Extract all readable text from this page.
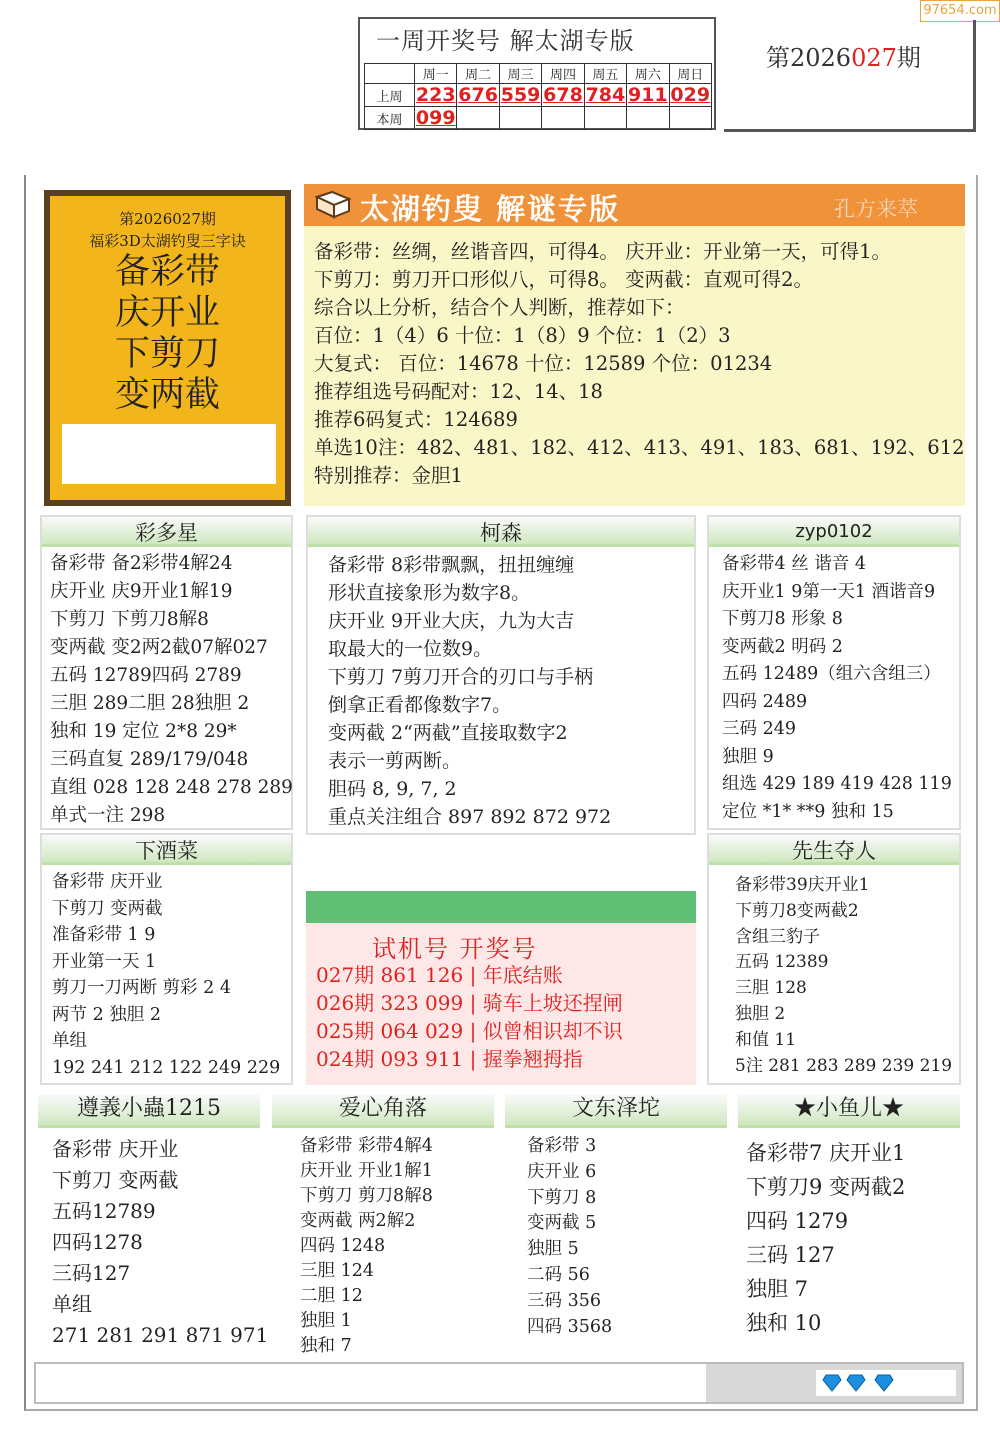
97654.com
一周开奖号 解太湖专版
	周一	周二	周三	周四	周五	周六	周日
上周	223	676	559	678	784	911	029
本周	099						
第2026027期
第2026027期
福彩3D太湖钓叟三字诀
备彩带
庆开业
下剪刀
变两截
太湖钓叟 解谜专版	孔方来萃
备彩带：丝绸，丝谐音四，可得4。 庆开业：开业第一天，可得1。
下剪刀：剪刀开口形似八，可得8。 变两截：直观可得2。
综合以上分析，结合个人判断，推荐如下：
百位：1（4）6 十位：1（8）9 个位：1（2）3
大复式： 百位：14678 十位：12589 个位：01234
推荐组选号码配对：12、14、18
推荐6码复式：124689
单选10注：482、481、182、412、413、491、183、681、192、612
特别推荐：金胆1
彩多星
备彩带 备2彩带4解24
庆开业 庆9开业1解19
下剪刀 下剪刀8解8
变两截 变2两2截07解027
五码 12789四码 2789
三胆 289二胆 28独胆 2
独和 19 定位 2*8 29*
三码直复 289/179/048
直组 028 128 248 278 289
单式一注 298
柯森
备彩带 8彩带飘飘，扭扭缠缠
形状直接象形为数字8。
庆开业 9开业大庆，九为大吉
取最大的一位数9。
下剪刀 7剪刀开合的刃口与手柄
倒拿正看都像数字7。
变两截 2“两截”直接取数字2
表示一剪两断。
胆码 8, 9, 7, 2
重点关注组合 897 892 872 972
zyp0102
备彩带4 丝 谐音 4
庆开业1 9第一天1 酒谐音9
下剪刀8 形象 8
变两截2 明码 2
五码 12489（组六含组三）
四码 2489
三码 249
独胆 9
组选 429 189 419 428 119
定位 *1* **9 独和 15
下酒菜
备彩带 庆开业
下剪刀 变两截
准备彩带 1 9
开业第一天 1
剪刀一刀两断 剪彩 2 4
两节 2 独胆 2
单组
192 241 212 122 249 229
先生夺人
备彩带39庆开业1
下剪刀8变两截2
含组三豹子
五码 12389
三胆 128
独胆 2
和值 11
5注 281 283 289 239 219
试机号 开奖号
027期 861 126 | 年底结账
026期 323 099 | 骑车上坡还捏闸
025期 064 029 | 似曾相识却不识
024期 093 911 | 握拳翘拇指
遵義小蟲1215
备彩带 庆开业
下剪刀 变两截
五码12789
四码1278
三码127
单组
271 281 291 871 971
爱心角落
备彩带 彩带4解4
庆开业 开业1解1
下剪刀 剪刀8解8
变两截 两2解2
四码 1248
三胆 124
二胆 12
独胆 1
独和 7
文东泽坨
备彩带 3
庆开业 6
下剪刀 8
变两截 5
独胆 5
二码 56
三码 356
四码 3568
★小鱼儿★
备彩带7 庆开业1
下剪刀9 变两截2
四码 1279
三码 127
独胆 7
独和 10
